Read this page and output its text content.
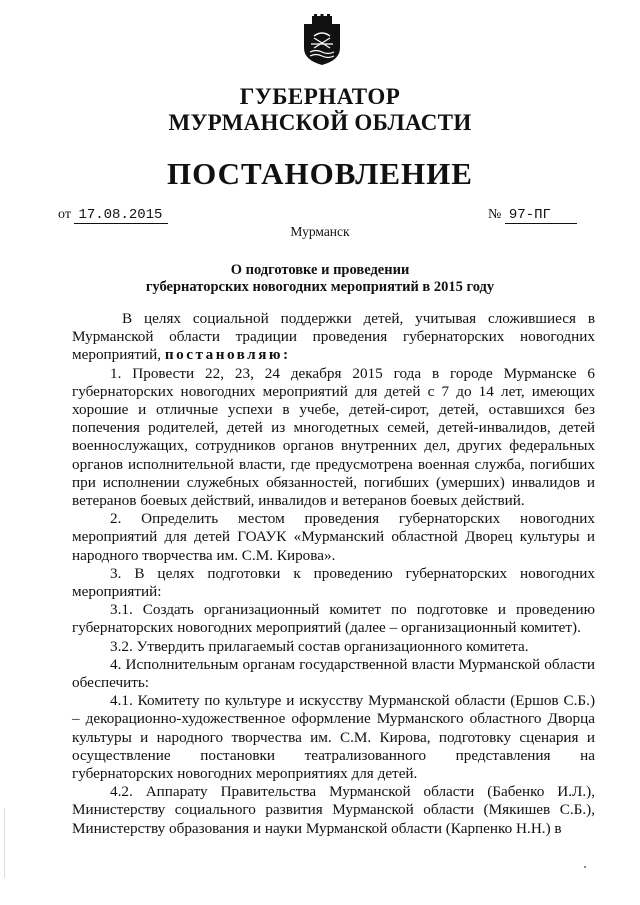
ГУБЕРНАТОР
МУРМАНСКОЙ ОБЛАСТИ
ПОСТАНОВЛЕНИЕ
от 17.08.2015	№ 97-ПГ
Мурманск
О подготовке и проведении
губернаторских новогодних мероприятий в 2015 году

В целях социальной поддержки детей, учитывая сложившиеся в Мурманской области традиции проведения губернаторских новогодних мероприятий, постановляю:

1. Провести 22, 23, 24 декабря 2015 года в городе Мурманске 6 губернаторских новогодних мероприятий для детей с 7 до 14 лет, имеющих хорошие и отличные успехи в учебе, детей-сирот, детей, оставшихся без попечения родителей, детей из многодетных семей, детей-инвалидов, детей военнослужащих, сотрудников органов внутренних дел, других федеральных органов исполнительной власти, где предусмотрена военная служба, погибших при исполнении служебных обязанностей, погибших (умерших) инвалидов и ветеранов боевых действий, инвалидов и ветеранов боевых действий.

2. Определить местом проведения губернаторских новогодних мероприятий для детей ГОАУК «Мурманский областной Дворец культуры и народного творчества им. С.М. Кирова».

3. В целях подготовки к проведению губернаторских новогодних мероприятий:

3.1. Создать организационный комитет по подготовке и проведению губернаторских новогодних мероприятий (далее – организационный комитет).

3.2. Утвердить прилагаемый состав организационного комитета.

4. Исполнительным органам государственной власти Мурманской области обеспечить:

4.1. Комитету по культуре и искусству Мурманской области (Ершов С.Б.) – декорационно-художественное оформление Мурманского областного Дворца культуры и народного творчества им. С.М. Кирова, подготовку сценария и осуществление постановки театрализованного представления на губернаторских новогодних мероприятиях для детей.

4.2. Аппарату Правительства Мурманской области (Бабенко И.Л.), Министерству социального развития Мурманской области (Мякишев С.Б.), Министерству образования и науки Мурманской области (Карпенко Н.Н.) в
